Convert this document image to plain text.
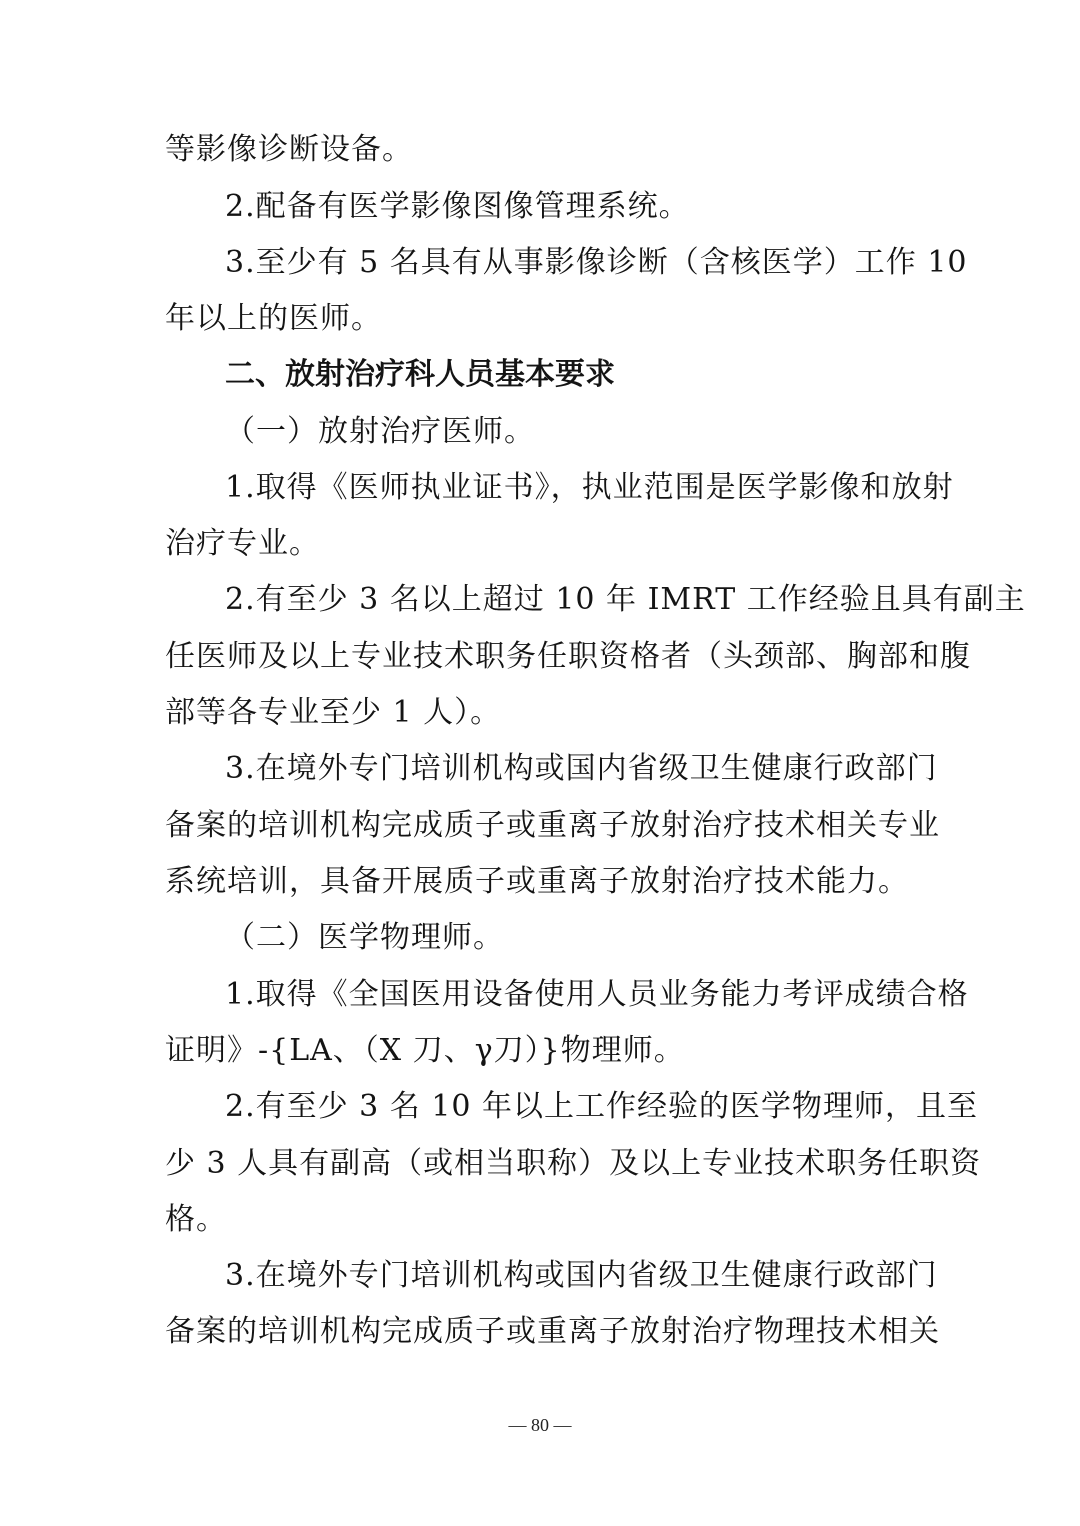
等影像诊断设备。
2.配备有医学影像图像管理系统。
3.至少有 5 名具有从事影像诊断（含核医学）工作 10
年以上的医师。
二、放射治疗科人员基本要求
（一）放射治疗医师。
1.取得《医师执业证书》，执业范围是医学影像和放射
治疗专业。
2.有至少 3 名以上超过 10 年 IMRT 工作经验且具有副主
任医师及以上专业技术职务任职资格者（头颈部、胸部和腹
部等各专业至少 1 人）。
3.在境外专门培训机构或国内省级卫生健康行政部门
备案的培训机构完成质子或重离子放射治疗技术相关专业
系统培训，具备开展质子或重离子放射治疗技术能力。
（二）医学物理师。
1.取得《全国医用设备使用人员业务能力考评成绩合格
证明》-{LA、（X 刀、γ刀）}物理师。
2.有至少 3 名 10 年以上工作经验的医学物理师，且至
少 3 人具有副高（或相当职称）及以上专业技术职务任职资
格。
3.在境外专门培训机构或国内省级卫生健康行政部门
备案的培训机构完成质子或重离子放射治疗物理技术相关
— 80 —
